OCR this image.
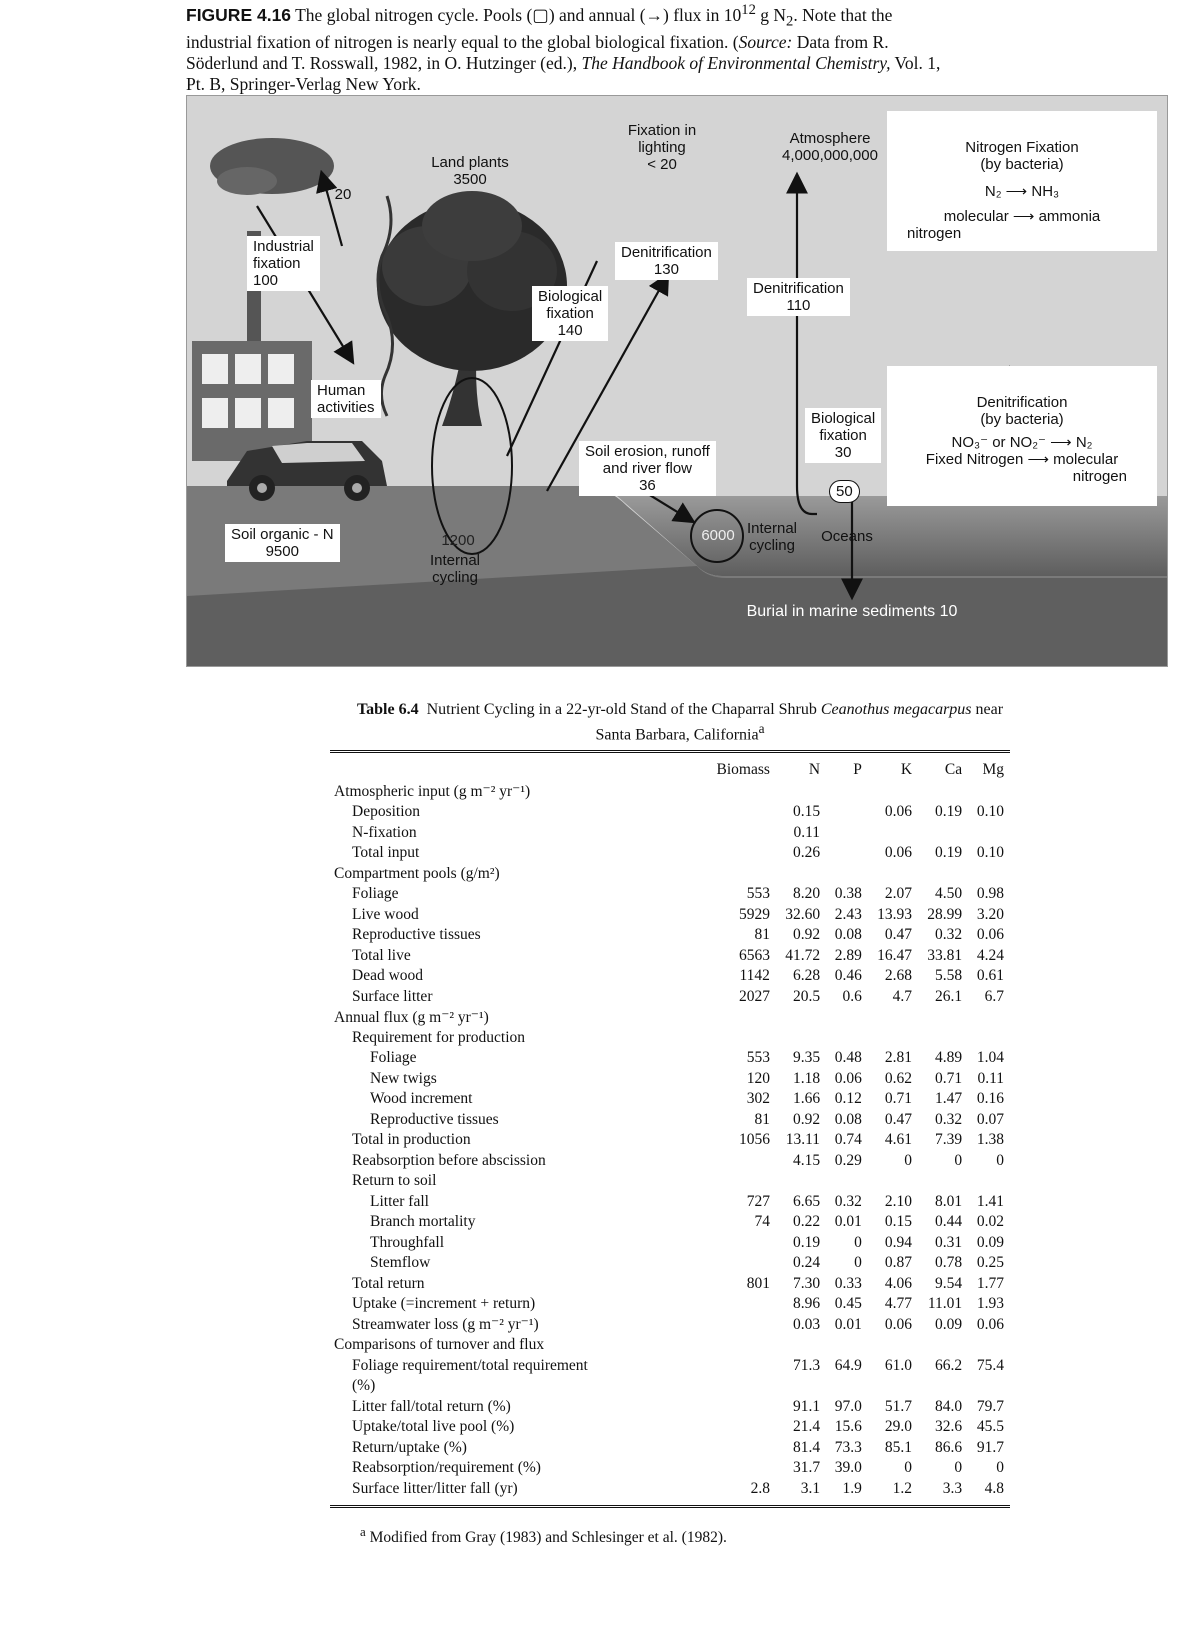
FIGURE 4.16 The global nitrogen cycle. Pools (▢) and annual (→) flux in $10^{12}$ g $N_2$. Note that the industrial fixation of nitrogen is nearly equal to the global biological fixation. (Source: Data from R. Söderlund and T. Rosswall, 1982, in O. Hutzinger (ed.), The Handbook of Environmental Chemistry, Vol. 1, Pt. B, Springer-Verlag New York.
Atmosphere
4,000,000,000
Land plants
3500
Fixation in
lighting
< 20
Industrial
fixation
100
20
Denitrification
130
Biological
fixation
140
Denitrification
110
Human
activities
Soil erosion, runoff
and river flow
36
Biological
fixation
30
50
Soil organic - N
9500
1200
Internal
cycling
6000 Internal
cycling
Oceans
Burial in marine sediments 10
Nitrogen Fixation
(by bacteria)
N₂ ⟶ NH₃
molecular ⟶ ammonia
nitrogen
Denitrification
(by bacteria)
NO₃⁻ or NO₂⁻ ⟶ N₂
Fixed Nitrogen ⟶ molecular
nitrogen
Table 6.4 Nutrient Cycling in a 22-yr-old Stand of the Chaparral Shrub Ceanothus megacarpus near Santa Barbara, California$^a$
	Biomass	N	P	K	Ca	Mg
Atmospheric input (g m⁻² yr⁻¹)						
Deposition		0.15		0.06	0.19	0.10
N-fixation		0.11				
Total input		0.26		0.06	0.19	0.10
Compartment pools (g/m²)						
Foliage	553	8.20	0.38	2.07	4.50	0.98
Live wood	5929	32.60	2.43	13.93	28.99	3.20
Reproductive tissues	81	0.92	0.08	0.47	0.32	0.06
Total live	6563	41.72	2.89	16.47	33.81	4.24
Dead wood	1142	6.28	0.46	2.68	5.58	0.61
Surface litter	2027	20.5	0.6	4.7	26.1	6.7
Annual flux (g m⁻² yr⁻¹)						
Requirement for production						
Foliage	553	9.35	0.48	2.81	4.89	1.04
New twigs	120	1.18	0.06	0.62	0.71	0.11
Wood increment	302	1.66	0.12	0.71	1.47	0.16
Reproductive tissues	81	0.92	0.08	0.47	0.32	0.07
Total in production	1056	13.11	0.74	4.61	7.39	1.38
Reabsorption before abscission		4.15	0.29	0	0	0
Return to soil						
Litter fall	727	6.65	0.32	2.10	8.01	1.41
Branch mortality	74	0.22	0.01	0.15	0.44	0.02
Throughfall		0.19	0	0.94	0.31	0.09
Stemflow		0.24	0	0.87	0.78	0.25
Total return	801	7.30	0.33	4.06	9.54	1.77
Uptake (=increment + return)		8.96	0.45	4.77	11.01	1.93
Streamwater loss (g m⁻² yr⁻¹)		0.03	0.01	0.06	0.09	0.06
Comparisons of turnover and flux						
Foliage requirement/total requirement		71.3	64.9	61.0	66.2	75.4
(%)						
Litter fall/total return (%)		91.1	97.0	51.7	84.0	79.7
Uptake/total live pool (%)		21.4	15.6	29.0	32.6	45.5
Return/uptake (%)		81.4	73.3	85.1	86.6	91.7
Reabsorption/requirement (%)		31.7	39.0	0	0	0
Surface litter/litter fall (yr)	2.8	3.1	1.9	1.2	3.3	4.8
$^a$ Modified from Gray (1983) and Schlesinger et al. (1982).
